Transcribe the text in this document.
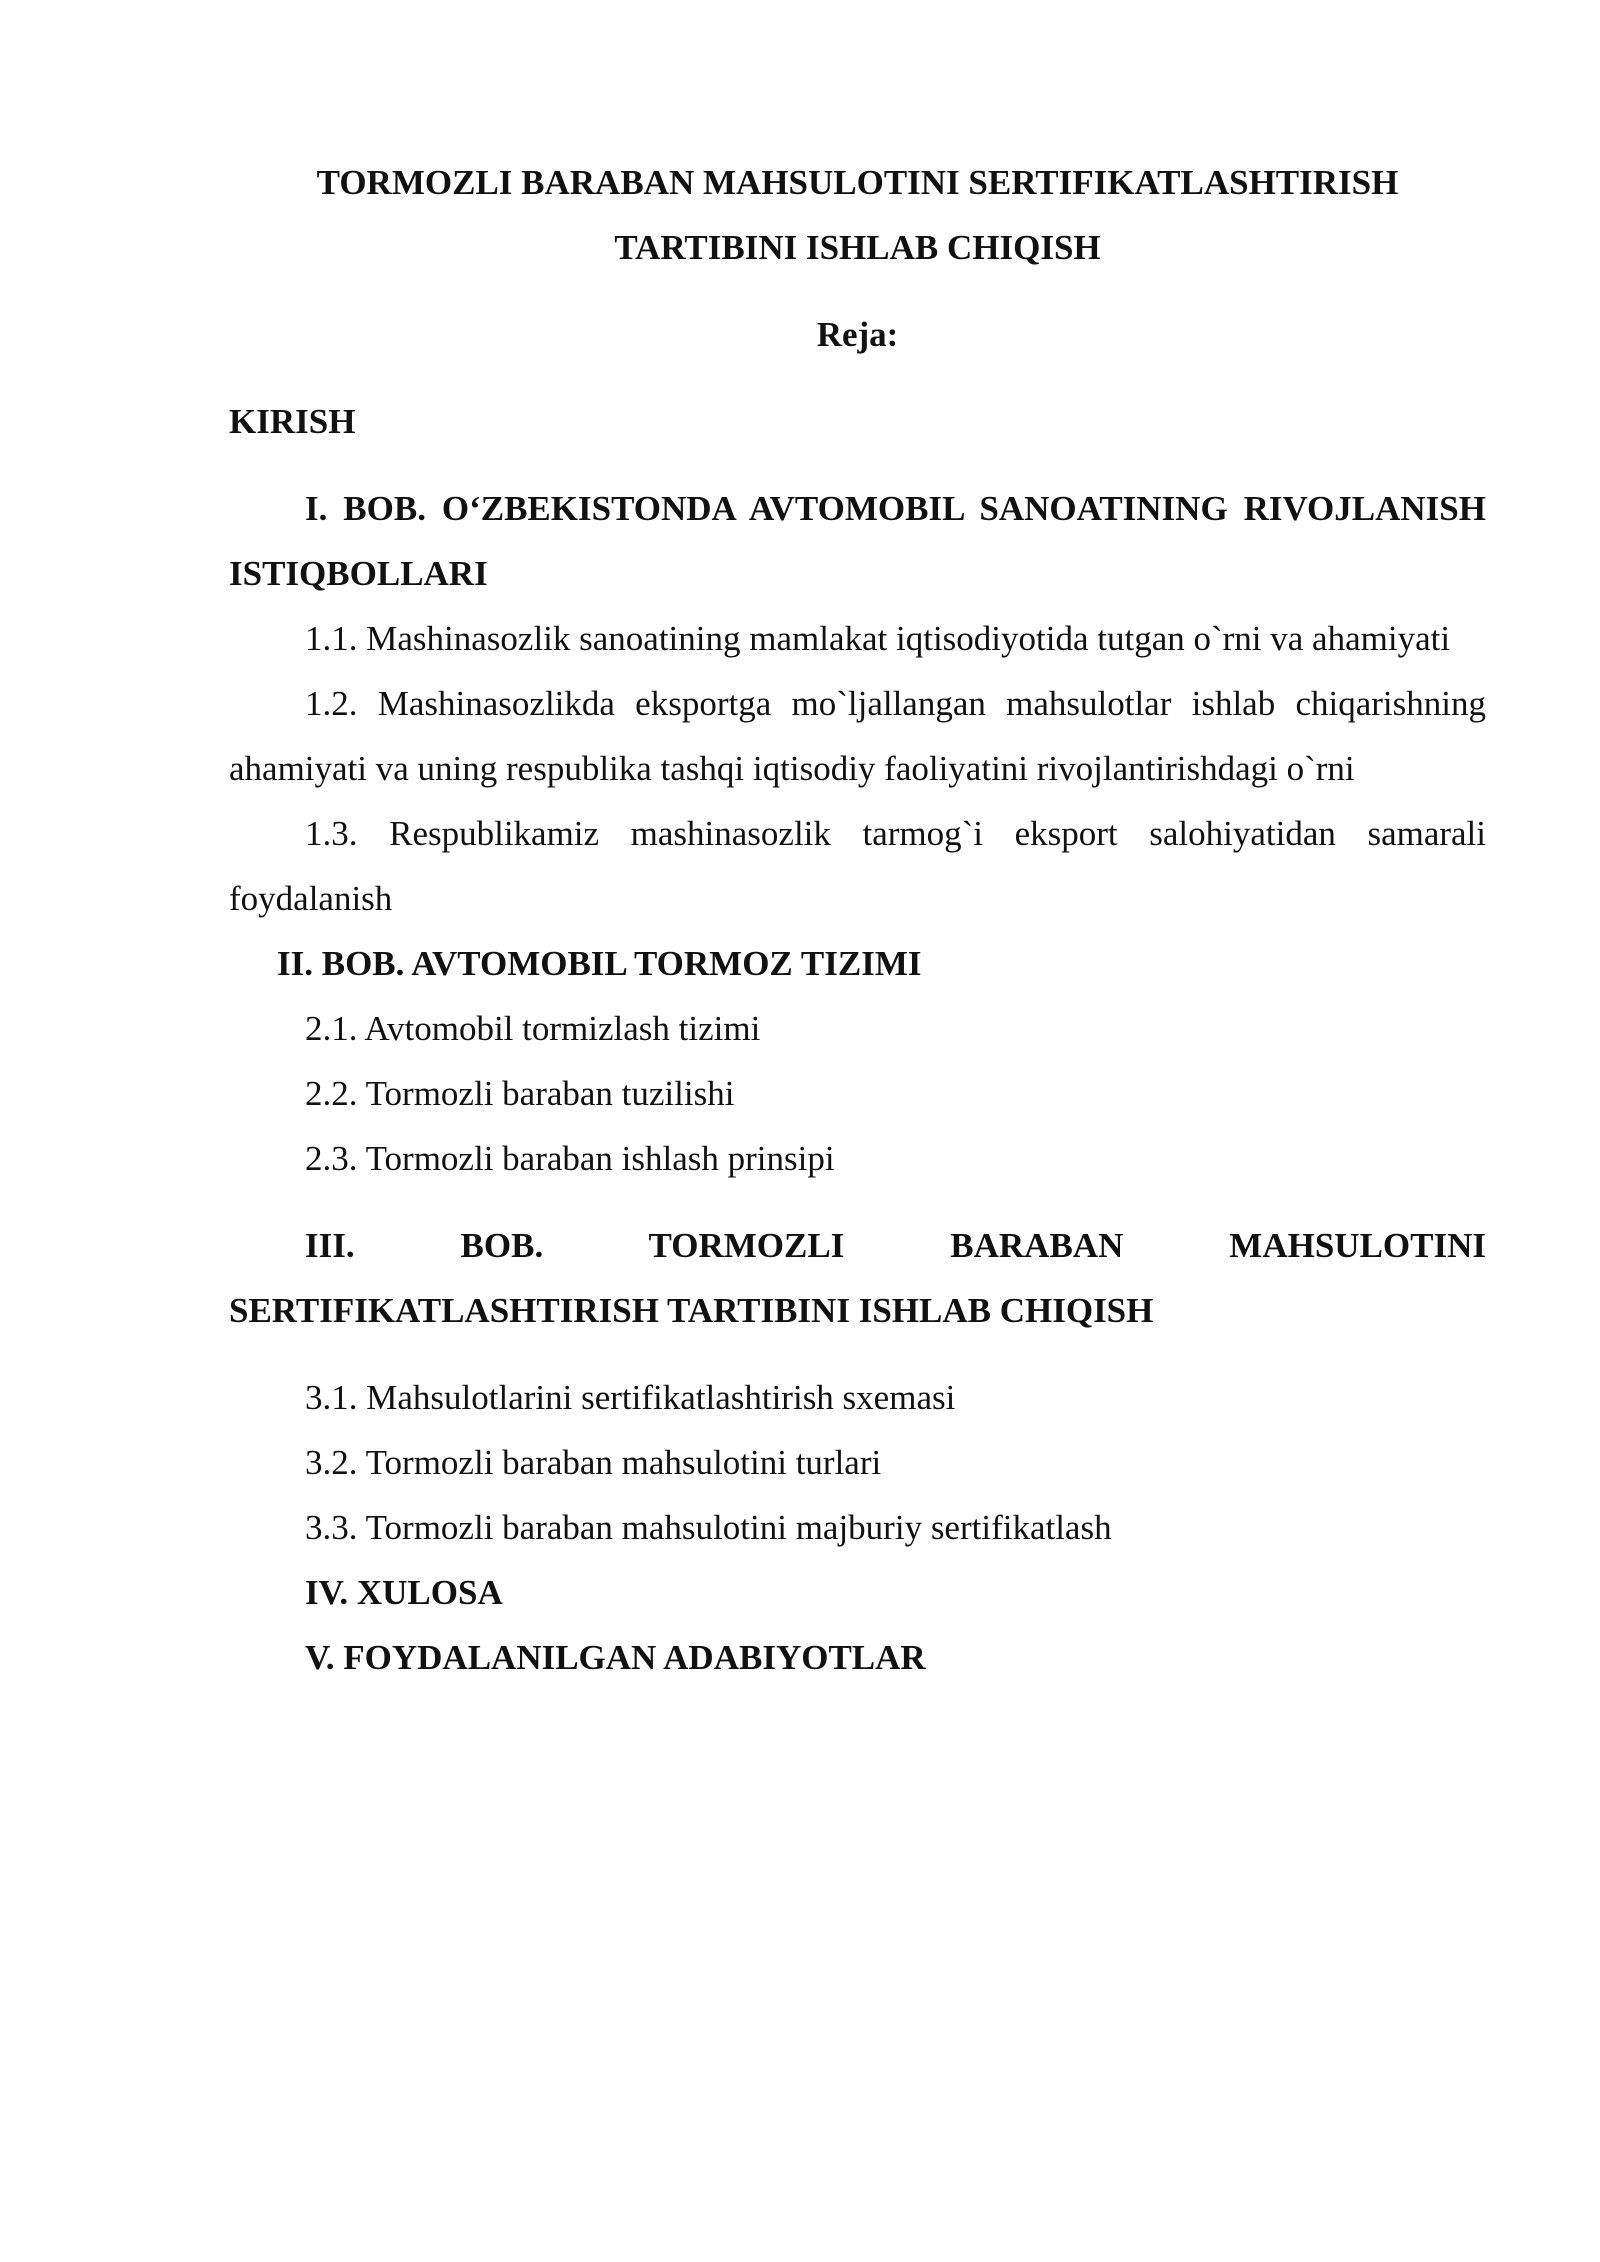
TORMOZLI BARABAN MAHSULOTINI SERTIFIKATLASHTIRISH
TARTIBINI ISHLAB CHIQISH
Reja:
KIRISH
I. BOB. O‘ZBEKISTONDA AVTOMOBIL SANOATINING RIVOJLANISH ISTIQBOLLARI
1.1. Mashinasozlik sanoatining mamlakat iqtisodiyotida tutgan o`rni va ahamiyati
1.2. Mashinasozlikda eksportga mo`ljallangan mahsulotlar ishlab chiqarishning ahamiyati va uning respublika tashqi iqtisodiy faoliyatini rivojlantirishdagi o`rni
1.3. Respublikamiz mashinasozlik tarmog`i eksport salohiyatidan samarali foydalanish
II. BOB. AVTOMOBIL TORMOZ TIZIMI
2.1. Avtomobil tormizlash tizimi
2.2. Tormozli baraban tuzilishi
2.3. Tormozli baraban ishlash prinsipi
III. BOB. TORMOZLI BARABAN MAHSULOTINI SERTIFIKATLASHTIRISH TARTIBINI ISHLAB CHIQISH
3.1. Mahsulotlarini sertifikatlashtirish sxemasi
3.2. Tormozli baraban mahsulotini turlari
3.3. Tormozli baraban mahsulotini majburiy sertifikatlash
IV. XULOSA
V. FOYDALANILGAN ADABIYOTLAR
